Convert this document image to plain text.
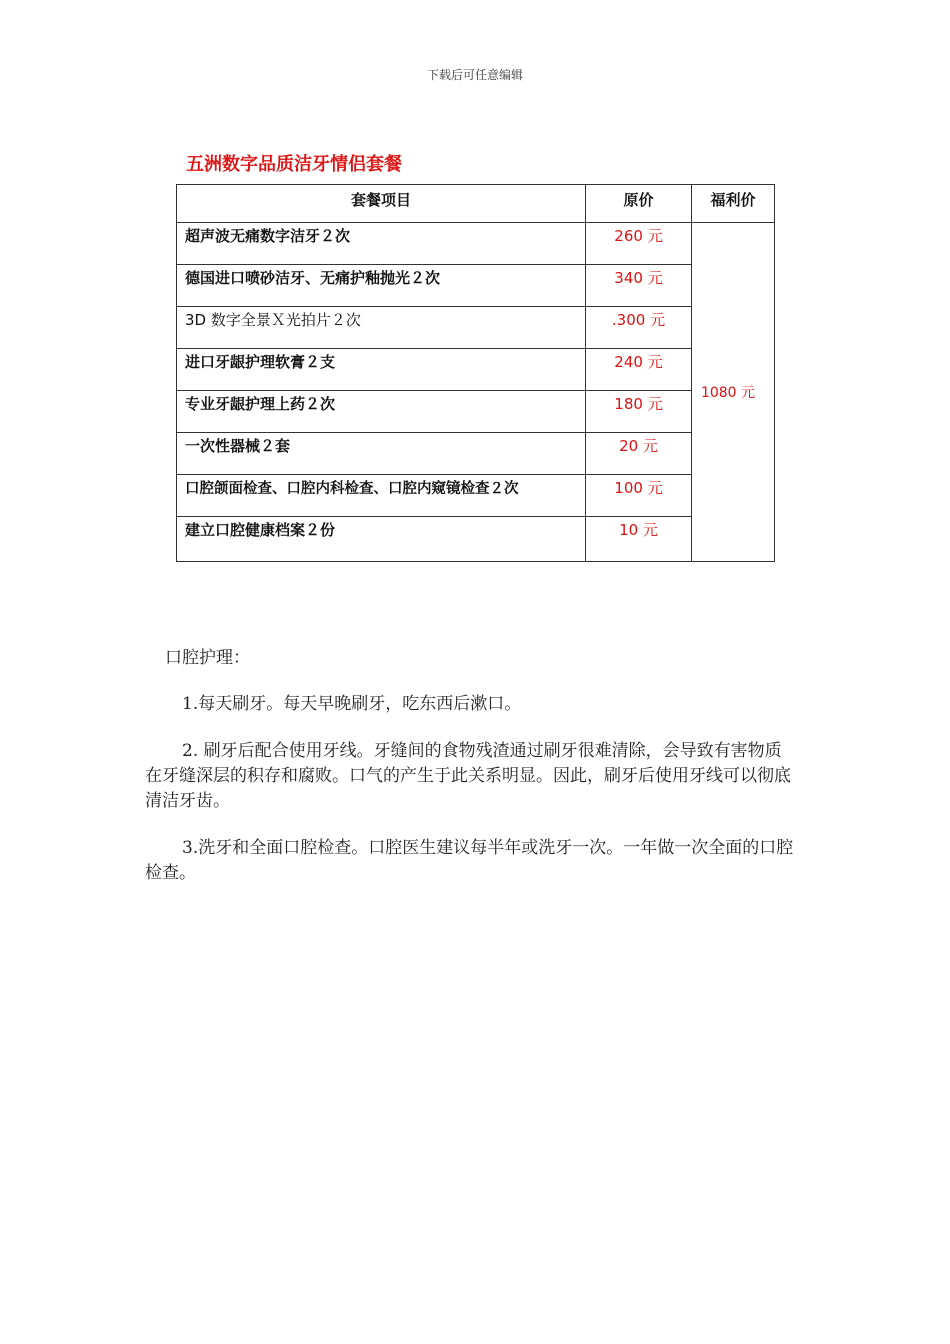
下载后可任意编辑
五洲数字品质洁牙情侣套餐
套餐项目	原价	福利价
超声波无痛数字洁牙２次	260 元	1080 元
德国进口喷砂洁牙、无痛护釉抛光２次	340 元	
3D 数字全景Ｘ光拍片２次	.300 元	
进口牙龈护理软膏２支	240 元	
专业牙龈护理上药２次	180 元	
一次性器械２套	20 元	
口腔颌面检查、口腔内科检查、口腔内窥镜检查２次	100 元	
建立口腔健康档案２份	10 元	
口腔护理：
1.每天刷牙。每天早晚刷牙，吃东西后漱口。
2. 刷牙后配合使用牙线。牙缝间的食物残渣通过刷牙很难清除，会导致有害物质在牙缝深层的积存和腐败。口气的产生于此关系明显。因此，刷牙后使用牙线可以彻底清洁牙齿。
3.洗牙和全面口腔检查。口腔医生建议每半年或洗牙一次。一年做一次全面的口腔检查。
